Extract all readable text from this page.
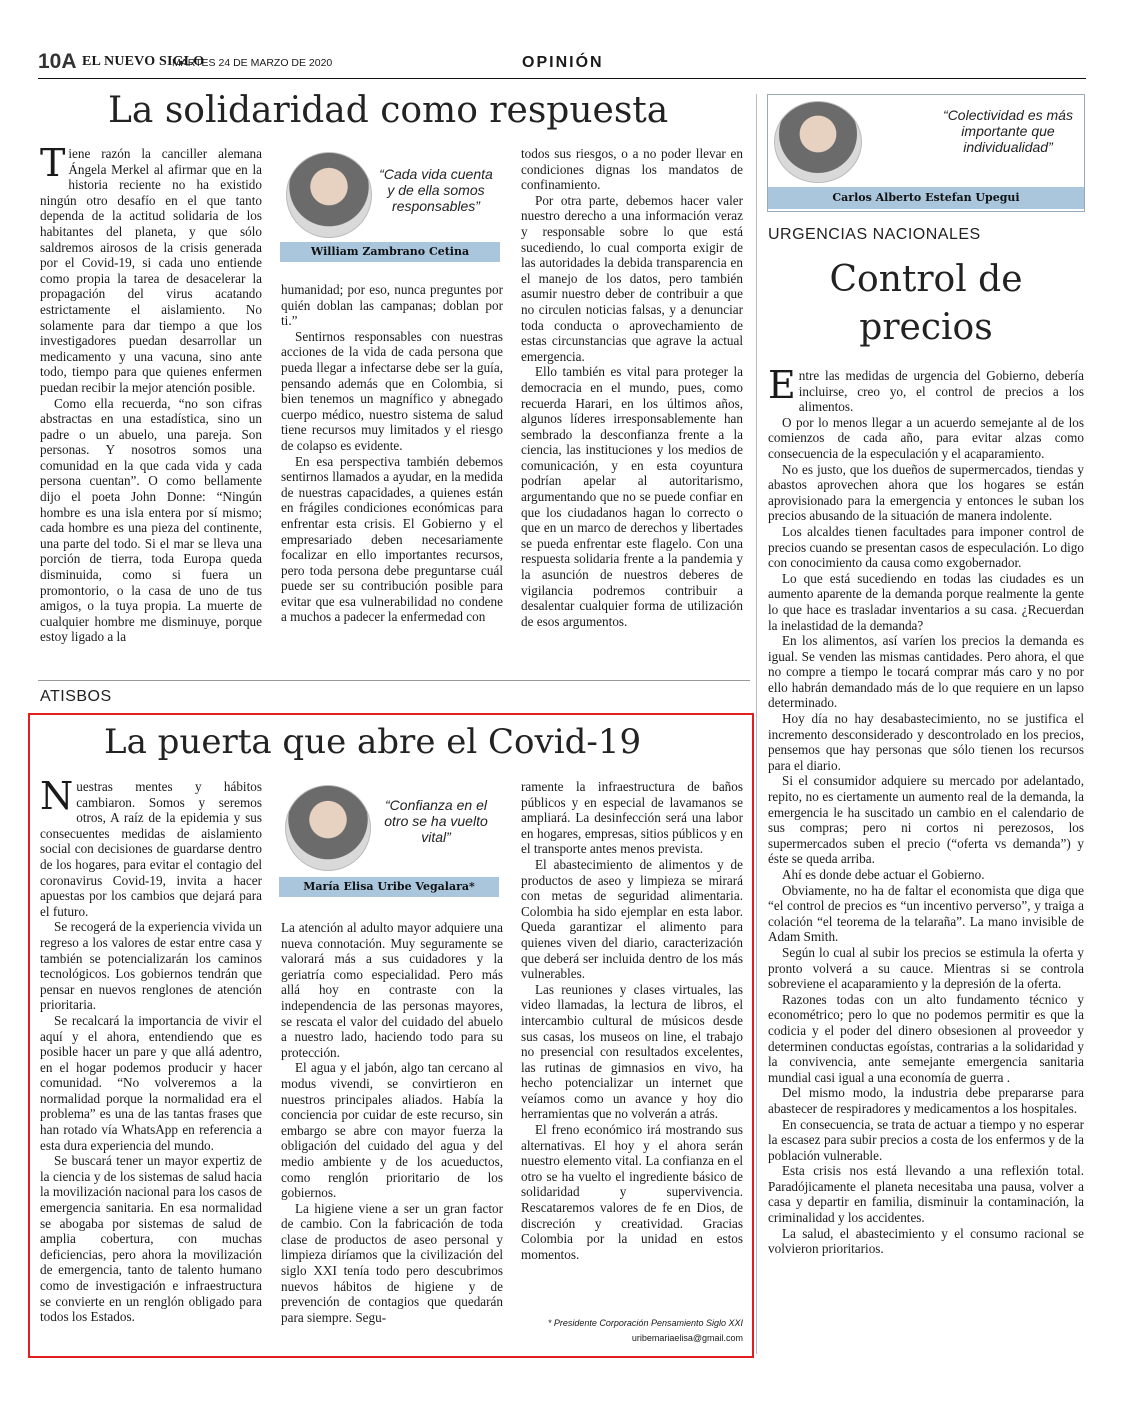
10A EL NUEVO SIGLO
MARTES 24 DE MARZO DE 2020	OPINIÓN
La solidaridad como respuesta

Tiene razón la canciller alemana Ángela Merkel al afirmar que en la historia reciente no ha existido ningún otro desafío en el que tanto dependa de la actitud solidaria de los habitantes del planeta, y que sólo saldremos airosos de la crisis generada por el Covid-19, si cada uno entiende como propia la tarea de desacelerar la propagación del virus acatando estrictamente el aislamiento. No solamente para dar tiempo a que los investigadores puedan desarrollar un medicamento y una vacuna, sino ante todo, tiempo para que quienes enfermen puedan recibir la mejor atención posible.

Como ella recuerda, “no son cifras abstractas en una estadística, sino un padre o un abuelo, una pareja. Son personas. Y nosotros somos una comunidad en la que cada vida y cada persona cuentan”. O como bellamente dijo el poeta John Donne: “Ningún hombre es una isla entera por sí mismo; cada hombre es una pieza del continente, una parte del todo. Si el mar se lleva una porción de tierra, toda Europa queda disminuida, como si fuera un promontorio, o la casa de uno de tus amigos, o la tuya propia. La muerte de cualquier hombre me disminuye, porque estoy ligado a la

“Cada vida cuenta y de ella somos responsables”
William Zambrano Cetina

humanidad; por eso, nunca preguntes por quién doblan las campanas; doblan por ti.”

Sentirnos responsables con nuestras acciones de la vida de cada persona que pueda llegar a infectarse debe ser la guía, pensando además que en Colombia, si bien tenemos un magnífico y abnegado cuerpo médico, nuestro sistema de salud tiene recursos muy limitados y el riesgo de colapso es evidente.

En esa perspectiva también debemos sentirnos llamados a ayudar, en la medida de nuestras capacidades, a quienes están en frágiles condiciones económicas para enfrentar esta crisis. El Gobierno y el empresariado deben necesariamente focalizar en ello importantes recursos, pero toda persona debe preguntarse cuál puede ser su contribución posible para evitar que esa vulnerabilidad no condene a muchos a padecer la enfermedad con

todos sus riesgos, o a no poder llevar en condiciones dignas los mandatos de confinamiento.

Por otra parte, debemos hacer valer nuestro derecho a una información veraz y responsable sobre lo que está sucediendo, lo cual comporta exigir de las autoridades la debida transparencia en el manejo de los datos, pero también asumir nuestro deber de contribuir a que no circulen noticias falsas, y a denunciar toda conducta o aprovechamiento de estas circunstancias que agrave la actual emergencia.

Ello también es vital para proteger la democracia en el mundo, pues, como recuerda Harari, en los últimos años, algunos líderes irresponsablemente han sembrado la desconfianza frente a la ciencia, las instituciones y los medios de comunicación, y en esta coyuntura podrían apelar al autoritarismo, argumentando que no se puede confiar en que los ciudadanos hagan lo correcto o que en un marco de derechos y libertades se pueda enfrentar este flagelo. Con una respuesta solidaria frente a la pandemia y la asunción de nuestros deberes de vigilancia podremos contribuir a desalentar cualquier forma de utilización de esos argumentos.

“Colectividad es más importante que individualidad”
Carlos Alberto Estefan Upegui
URGENCIAS NACIONALES
Control de
precios

Entre las medidas de urgencia del Gobierno, debería incluirse, creo yo, el control de precios a los alimentos.

O por lo menos llegar a un acuerdo semejante al de los comienzos de cada año, para evitar alzas como consecuencia de la especulación y el acaparamiento.

No es justo, que los dueños de supermercados, tiendas y abastos aprovechen ahora que los hogares se están aprovisionado para la emergencia y entonces le suban los precios abusando de la situación de manera indolente.

Los alcaldes tienen facultades para imponer control de precios cuando se presentan casos de especulación. Lo digo con conocimiento da causa como exgobernador.

Lo que está sucediendo en todas las ciudades es un aumento aparente de la demanda porque realmente la gente lo que hace es trasladar inventarios a su casa. ¿Recuerdan la inelastidad de la demanda?

En los alimentos, así varíen los precios la demanda es igual. Se venden las mismas cantidades. Pero ahora, el que no compre a tiempo le tocará comprar más caro y no por ello habrán demandado más de lo que requiere en un lapso determinado.

Hoy día no hay desabastecimiento, no se justifica el incremento desconsiderado y descontrolado en los precios, pensemos que hay personas que sólo tienen los recursos para el diario.

Si el consumidor adquiere su mercado por adelantado, repito, no es ciertamente un aumento real de la demanda, la emergencia le ha suscitado un cambio en el calendario de sus compras; pero ni cortos ni perezosos, los supermercados suben el precio (“oferta vs demanda”) y éste se queda arriba.

Ahí es donde debe actuar el Gobierno.

Obviamente, no ha de faltar el economista que diga que “el control de precios es “un incentivo perverso”, y traiga a colación “el teorema de la telaraña”. La mano invisible de Adam Smith.

Según lo cual al subir los precios se estimula la oferta y pronto volverá a su cauce. Mientras si se controla sobreviene el acaparamiento y la depresión de la oferta.

Razones todas con un alto fundamento técnico y econométrico; pero lo que no podemos permitir es que la codicia y el poder del dinero obsesionen al proveedor y determinen conductas egoístas, contrarias a la solidaridad y la convivencia, ante semejante emergencia sanitaria mundial casi igual a una economía de guerra .

Del mismo modo, la industria debe prepararse para abastecer de respiradores y medicamentos a los hospitales.

En consecuencia, se trata de actuar a tiempo y no esperar la escasez para subir precios a costa de los enfermos y de la población vulnerable.

Esta crisis nos está llevando a una reflexión total. Paradójicamente el planeta necesitaba una pausa, volver a casa y departir en familia, disminuir la contaminación, la criminalidad y los accidentes.

La salud, el abastecimiento y el consumo racional se volvieron prioritarios.

ATISBOS
La puerta que abre el Covid-19

Nuestras mentes y hábitos cambiaron. Somos y seremos otros, A raíz de la epidemia y sus consecuentes medidas de aislamiento social con decisiones de guardarse dentro de los hogares, para evitar el contagio del coronavirus Covid-19, invita a hacer apuestas por los cambios que dejará para el futuro.

Se recogerá de la experiencia vivida un regreso a los valores de estar entre casa y también se potencializarán los caminos tecnológicos. Los gobiernos tendrán que pensar en nuevos renglones de atención prioritaria.

Se recalcará la importancia de vivir el aquí y el ahora, entendiendo que es posible hacer un pare y que allá adentro, en el hogar podemos producir y hacer comunidad. “No volveremos a la normalidad porque la normalidad era el problema” es una de las tantas frases que han rotado vía WhatsApp en referencia a esta dura experiencia del mundo.

Se buscará tener un mayor expertiz de la ciencia y de los sistemas de salud hacia la movilización nacional para los casos de emergencia sanitaria. En esa normalidad se abogaba por sistemas de salud de amplia cobertura, con muchas deficiencias, pero ahora la movilización de emergencia, tanto de talento humano como de investigación e infraestructura se convierte en un renglón obligado para todos los Estados.

“Confianza en el otro se ha vuelto vital”
María Elisa Uribe Vegalara*

La atención al adulto mayor adquiere una nueva connotación. Muy seguramente se valorará más a sus cuidadores y la geriatría como especialidad. Pero más allá hoy en contraste con la independencia de las personas mayores, se rescata el valor del cuidado del abuelo a nuestro lado, haciendo todo para su protección.

El agua y el jabón, algo tan cercano al modus vivendi, se convirtieron en nuestros principales aliados. Había la conciencia por cuidar de este recurso, sin embargo se abre con mayor fuerza la obligación del cuidado del agua y del medio ambiente y de los acueductos, como renglón prioritario de los gobiernos.

La higiene viene a ser un gran factor de cambio. Con la fabricación de toda clase de productos de aseo personal y limpieza diríamos que la civilización del siglo XXI tenía todo pero descubrimos nuevos hábitos de higiene y de prevención de contagios que quedarán para siempre. Segu-

ramente la infraestructura de baños públicos y en especial de lavamanos se ampliará. La desinfección será una labor en hogares, empresas, sitios públicos y en el transporte antes menos prevista.

El abastecimiento de alimentos y de productos de aseo y limpieza se mirará con metas de seguridad alimentaria. Colombia ha sido ejemplar en esta labor. Queda garantizar el alimento para quienes viven del diario, caracterización que deberá ser incluida dentro de los más vulnerables.

Las reuniones y clases virtuales, las video llamadas, la lectura de libros, el intercambio cultural de músicos desde sus casas, los museos on line, el trabajo no presencial con resultados excelentes, las rutinas de gimnasios en vivo, ha hecho potencializar un internet que veíamos como un avance y hoy dio herramientas que no volverán a atrás.

El freno económico irá mostrando sus alternativas. El hoy y el ahora serán nuestro elemento vital. La confianza en el otro se ha vuelto el ingrediente básico de solidaridad y supervivencia. Rescataremos valores de fe en Dios, de discreción y creatividad. Gracias Colombia por la unidad en estos momentos.

* Presidente Corporación Pensamiento Siglo XXI
uribemariaelisa@gmail.com
